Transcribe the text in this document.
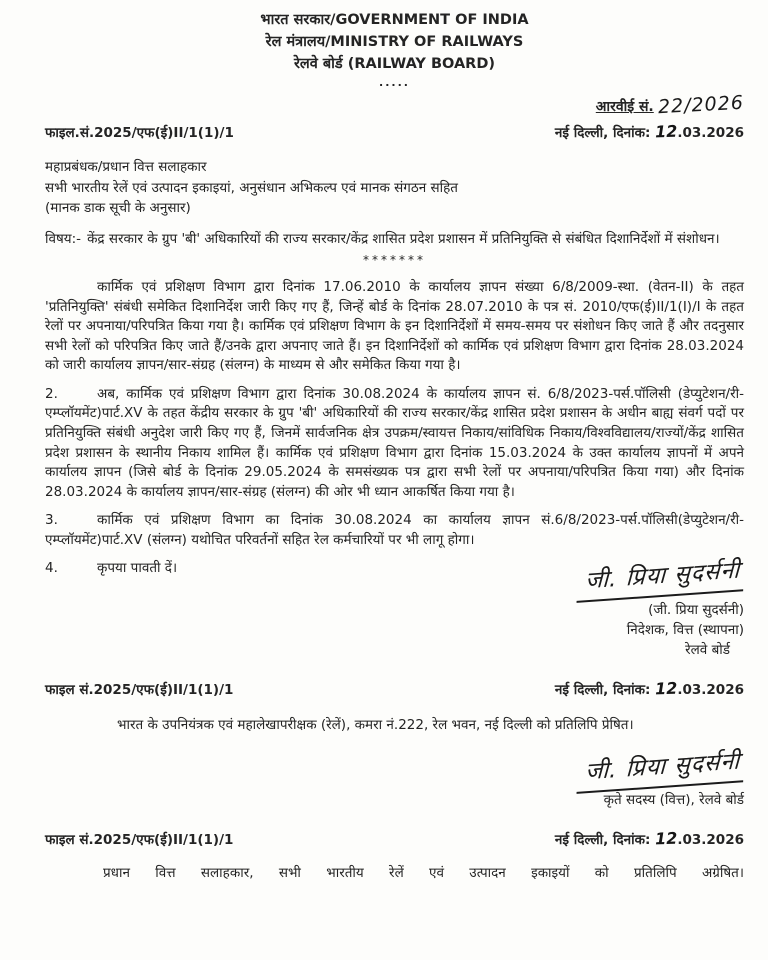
भारत सरकार/GOVERNMENT OF INDIA
रेल मंत्रालय/MINISTRY OF RAILWAYS
रेलवे बोर्ड (RAILWAY BOARD)
.....
फाइल.सं.2025/एफ(ई)II/1(1)/1
आरवीई सं. 22/2026
नई दिल्ली, दिनांक: 12.03.2026
महाप्रबंधक/प्रधान वित्त सलाहकार
सभी भारतीय रेलें एवं उत्पादन इकाइयां, अनुसंधान अभिकल्प एवं मानक संगठन सहित
(मानक डाक सूची के अनुसार)
विषय:- केंद्र सरकार के ग्रुप 'बी' अधिकारियों की राज्य सरकार/केंद्र शासित प्रदेश प्रशासन में प्रतिनियुक्ति से संबंधित दिशानिर्देशों में संशोधन।
*******
कार्मिक एवं प्रशिक्षण विभाग द्वारा दिनांक 17.06.2010 के कार्यालय ज्ञापन संख्या 6/8/2009-स्था. (वेतन-II) के तहत 'प्रतिनियुक्ति' संबंधी समेकित दिशानिर्देश जारी किए गए हैं, जिन्हें बोर्ड के दिनांक 28.07.2010 के पत्र सं. 2010/एफ(ई)II/1(I)/I के तहत रेलों पर अपनाया/परिपत्रित किया गया है। कार्मिक एवं प्रशिक्षण विभाग के इन दिशानिर्देशों में समय-समय पर संशोधन किए जाते हैं और तदनुसार सभी रेलों को परिपत्रित किए जाते हैं/उनके द्वारा अपनाए जाते हैं। इन दिशानिर्देशों को कार्मिक एवं प्रशिक्षण विभाग द्वारा दिनांक 28.03.2024 को जारी कार्यालय ज्ञापन/सार-संग्रह (संलग्न) के माध्यम से और समेकित किया गया है।
2.	अब, कार्मिक एवं प्रशिक्षण विभाग द्वारा दिनांक 30.08.2024 के कार्यालय ज्ञापन सं. 6/8/2023-पर्स.पॉलिसी (डेप्युटेशन/री-एम्प्लॉयमेंट)पार्ट.XV के तहत केंद्रीय सरकार के ग्रुप 'बी' अधिकारियों की राज्य सरकार/केंद्र शासित प्रदेश प्रशासन के अधीन बाह्य संवर्ग पदों पर प्रतिनियुक्ति संबंधी अनुदेश जारी किए गए हैं, जिनमें सार्वजनिक क्षेत्र उपक्रम/स्वायत्त निकाय/सांविधिक निकाय/विश्वविद्यालय/राज्यों/केंद्र शासित प्रदेश प्रशासन के स्थानीय निकाय शामिल हैं। कार्मिक एवं प्रशिक्षण विभाग द्वारा दिनांक 15.03.2024 के उक्त कार्यालय ज्ञापनों में अपने कार्यालय ज्ञापन (जिसे बोर्ड के दिनांक 29.05.2024 के समसंख्यक पत्र द्वारा सभी रेलों पर अपनाया/परिपत्रित किया गया) और दिनांक 28.03.2024 के कार्यालय ज्ञापन/सार-संग्रह (संलग्न) की ओर भी ध्यान आकर्षित किया गया है।
3.	कार्मिक एवं प्रशिक्षण विभाग का दिनांक 30.08.2024 का कार्यालय ज्ञापन सं.6/8/2023-पर्स.पॉलिसी(डेप्युटेशन/री-एम्प्लॉयमेंट)पार्ट.XV (संलग्न) यथोचित परिवर्तनों सहित रेल कर्मचारियों पर भी लागू होगा।
4.	कृपया पावती दें।	जी. प्रिया सुदर्सनी
(जी. प्रिया सुदर्सनी)
निदेशक, वित्त (स्थापना)
रेलवे बोर्ड
फाइल सं.2025/एफ(ई)II/1(1)/1	नई दिल्ली, दिनांक: 12.03.2026
भारत के उपनियंत्रक एवं महालेखापरीक्षक (रेलें), कमरा नं.222, रेल भवन, नई दिल्ली को प्रतिलिपि प्रेषित।
जी. प्रिया सुदर्सनी
कृते सदस्य (वित्त), रेलवे बोर्ड
फाइल सं.2025/एफ(ई)II/1(1)/1	नई दिल्ली, दिनांक: 12.03.2026
प्रधान वित्त सलाहकार, सभी भारतीय रेलें एवं उत्पादन इकाइयों को प्रतिलिपि अग्रेषित।
